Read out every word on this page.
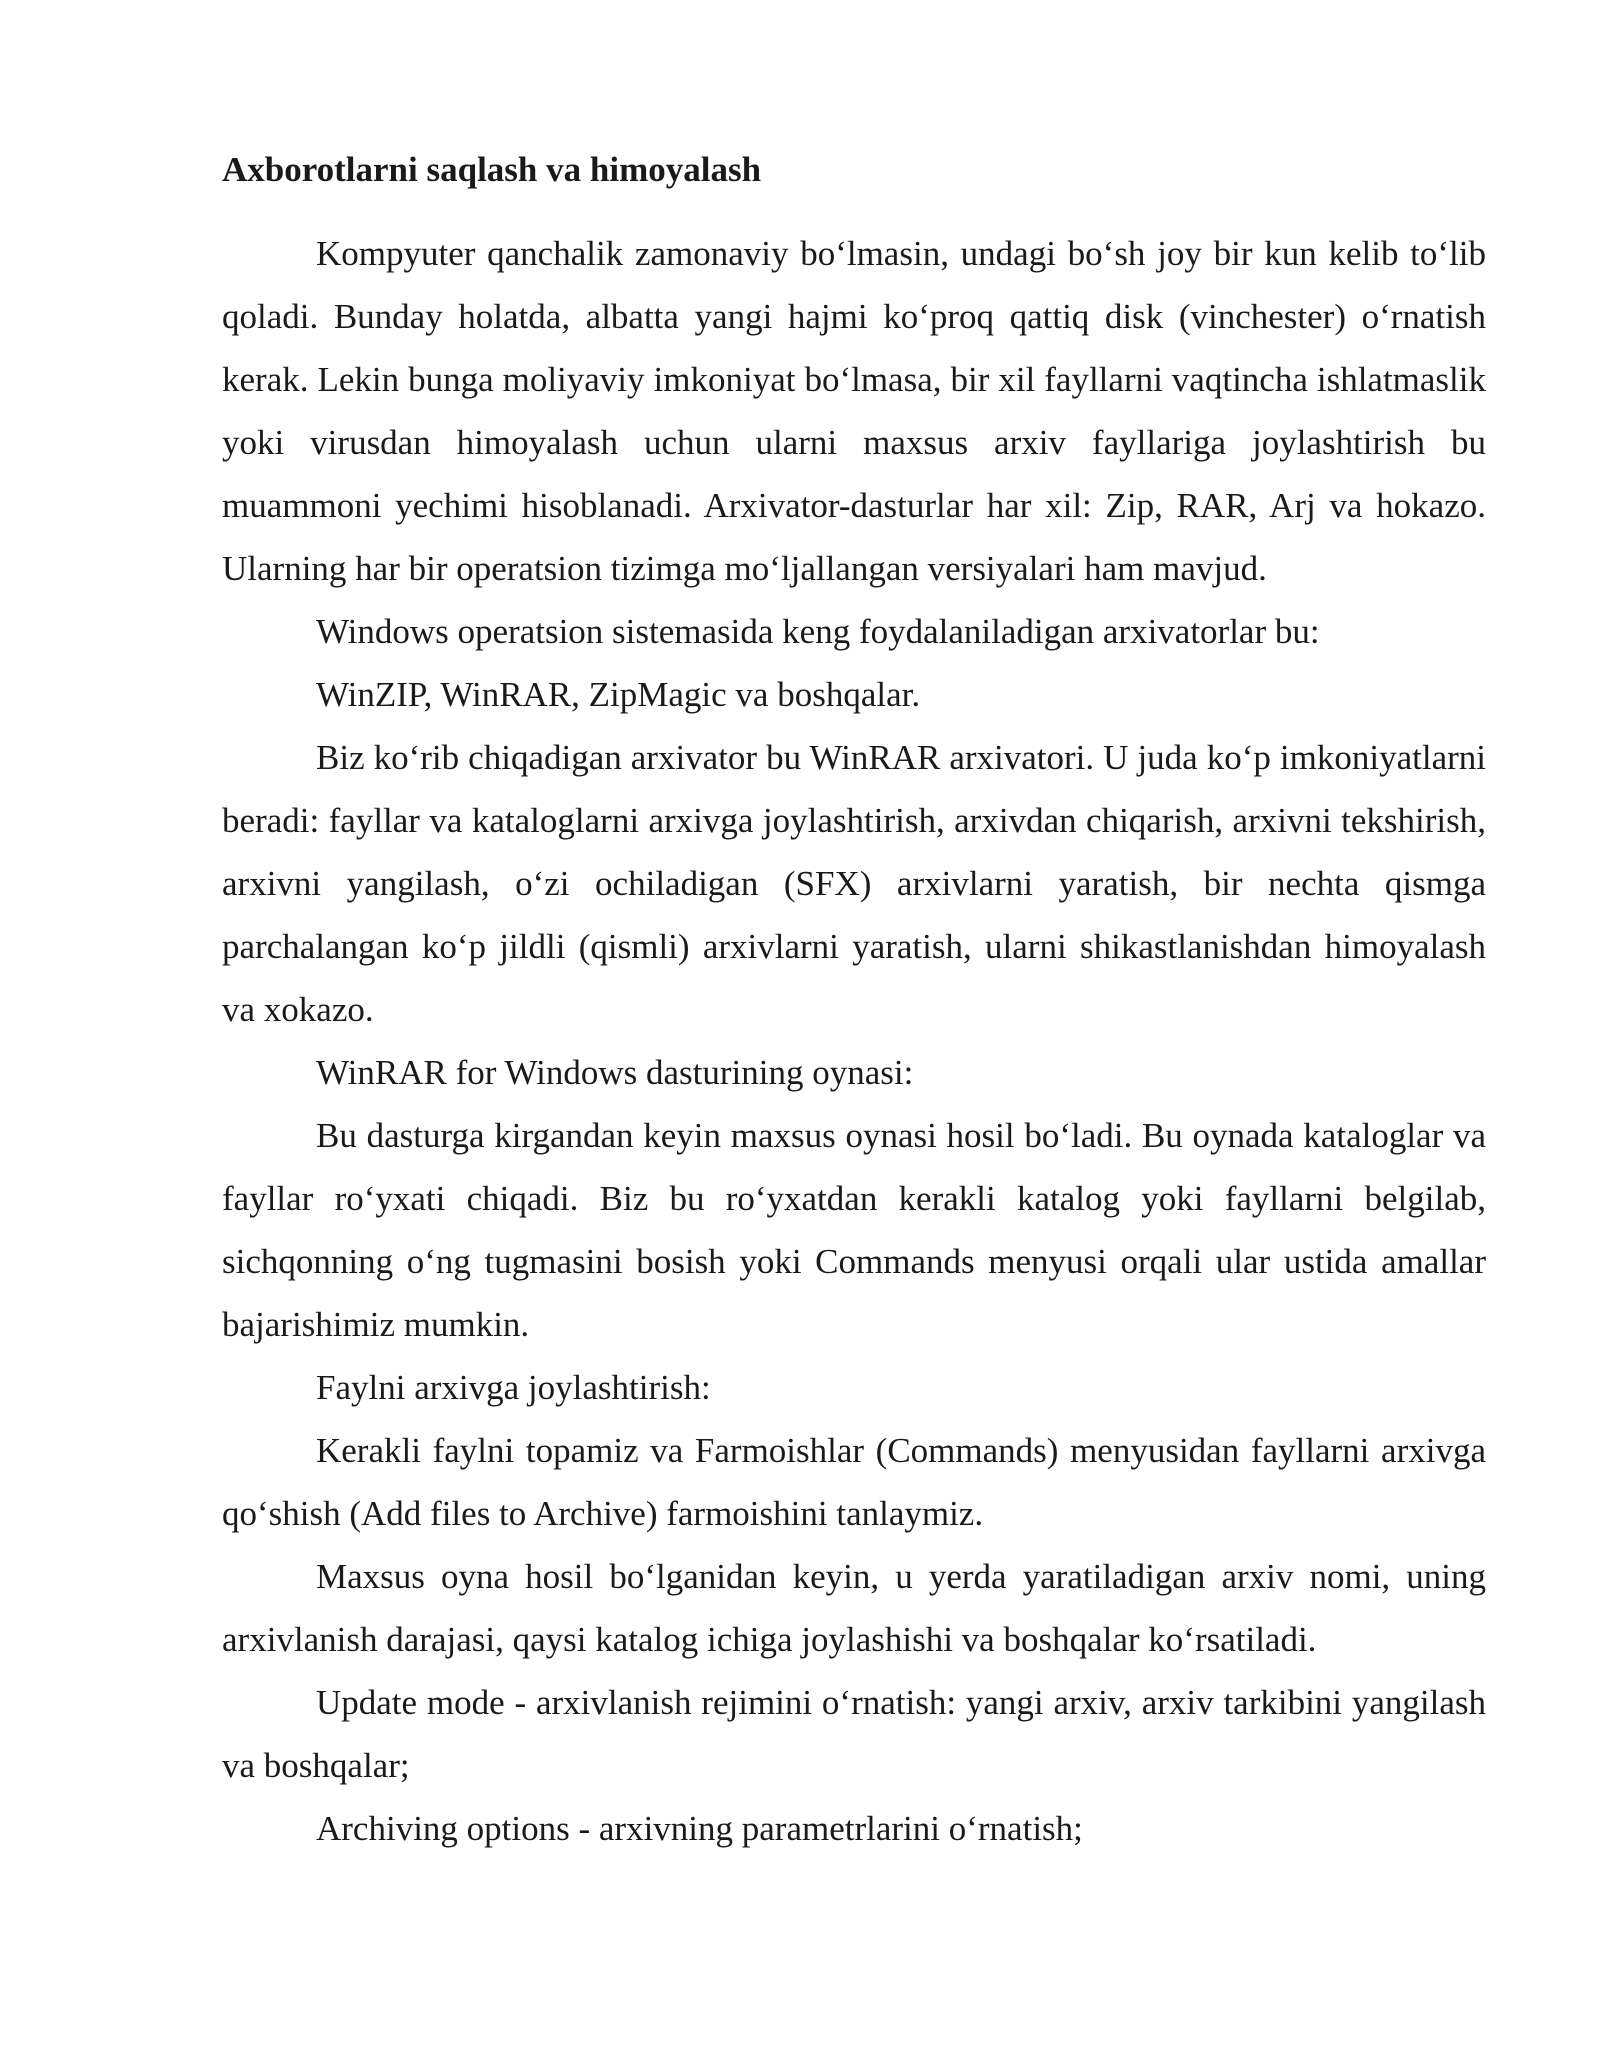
Axborotlarni saqlash va himoyalash

Kompyuter qanchalik zamonaviy boʻlmasin, undagi boʻsh joy bir kun kelib toʻlib qoladi. Bunday holatda, albatta yangi hajmi koʻproq qattiq disk (vinchester) oʻrnatish kerak. Lekin bunga moliyaviy imkoniyat boʻlmasa, bir xil fayllarni vaqtincha ishlatmaslik yoki virusdan himoyalash uchun ularni maxsus arxiv fayllariga joylashtirish bu muammoni yechimi hisoblanadi. Arxivator-dasturlar har xil: Zip, RAR, Arj va hokazo. Ularning har bir operatsion tizimga moʻljallangan versiyalari ham mavjud.

Windows operatsion sistemasida keng foydalaniladigan arxivatorlar bu:

WinZIP, WinRAR, ZipMagic va boshqalar.

Biz koʻrib chiqadigan arxivator bu WinRAR arxivatori. U juda koʻp imkoniyatlarni beradi: fayllar va kataloglarni arxivga joylashtirish, arxivdan chiqarish, arxivni tekshirish, arxivni yangilash, oʻzi ochiladigan (SFX) arxivlarni yaratish, bir nechta qismga parchalangan koʻp jildli (qismli) arxivlarni yaratish, ularni shikastlanishdan himoyalash va xokazo.

WinRAR for Windows dasturining oynasi:

Bu dasturga kirgandan keyin maxsus oynasi hosil boʻladi. Bu oynada kataloglar va fayllar roʻyxati chiqadi. Biz bu roʻyxatdan kerakli katalog yoki fayllarni belgilab, sichqonning oʻng tugmasini bosish yoki Commands menyusi orqali ular ustida amallar bajarishimiz mumkin.

Faylni arxivga joylashtirish:

Kerakli faylni topamiz va Farmoishlar (Commands) menyusidan fayllarni arxivga qoʻshish (Add files to Archive) farmoishini tanlaymiz.

Maxsus oyna hosil boʻlganidan keyin, u yerda yaratiladigan arxiv nomi, uning arxivlanish darajasi, qaysi katalog ichiga joylashishi va boshqalar koʻrsatiladi.

Update mode - arxivlanish rejimini oʻrnatish: yangi arxiv, arxiv tarkibini yangilash va boshqalar;

Archiving options - arxivning parametrlarini oʻrnatish;
